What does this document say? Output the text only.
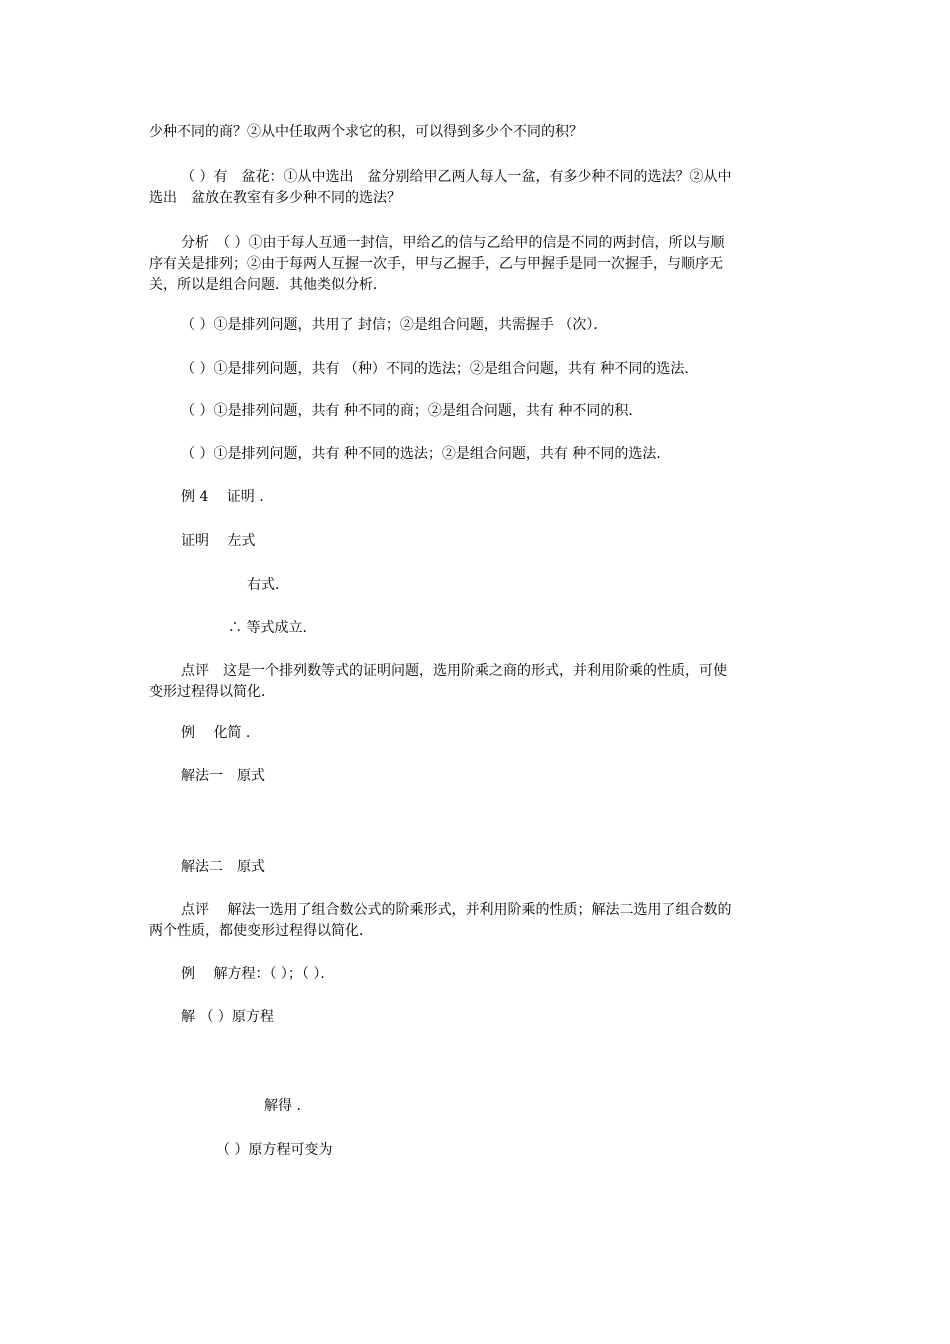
少种不同的商？②从中任取两个求它的积，可以得到多少个不同的积？
（ ）有　盆花：①从中选出　盆分别给甲乙两人每人一盆，有多少种不同的选法？②从中
选出　盆放在教室有多少种不同的选法？
分析　（ ）①由于每人互通一封信，甲给乙的信与乙给甲的信是不同的两封信，所以与顺
序有关是排列；②由于每两人互握一次手，甲与乙握手，乙与甲握手是同一次握手，与顺序无
关，所以是组合问题．其他类似分析．
（ ）①是排列问题，共用了 封信；②是组合问题，共需握手 （次）．
（ ）①是排列问题，共有 （种）不同的选法；②是组合问题，共有 种不同的选法．
（ ）①是排列问题，共有 种不同的商；②是组合问题，共有 种不同的积．
（ ）①是排列问题，共有 种不同的选法；②是组合问题，共有 种不同的选法．
例 4　 证明 .
证明　 左式
右式．
∴ 等式成立．
点评　这是一个排列数等式的证明问题，选用阶乘之商的形式，并利用阶乘的性质，可使
变形过程得以简化．
例　 化简 .
解法一　原式
解法二　原式
点评　 解法一选用了组合数公式的阶乘形式，并利用阶乘的性质；解法二选用了组合数的
两个性质，都使变形过程得以简化．
例　 解方程：（ ）；（ ）．
解 （ ）原方程
解得 .
（ ）原方程可变为
